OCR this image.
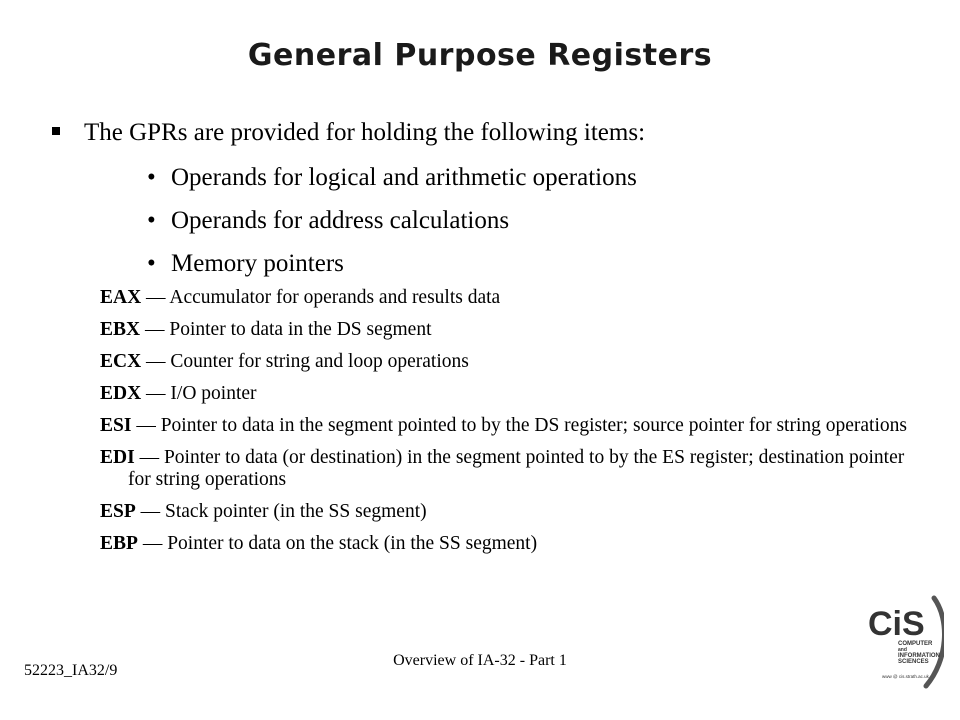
General Purpose Registers
The GPRs are provided for holding the following items:
• Operands for logical and arithmetic operations
• Operands for address calculations
• Memory pointers
EAX — Accumulator for operands and results data
EBX — Pointer to data in the DS segment
ECX — Counter for string and loop operations
EDX — I/O pointer
ESI — Pointer to data in the segment pointed to by the DS register; source pointer for string operations
EDI — Pointer to data (or destination) in the segment pointed to by the ES register; destination pointer for string operations
ESP — Stack pointer (in the SS segment)
EBP — Pointer to data on the stack (in the SS segment)
52223_IA32/9
Overview of IA-32 - Part 1
CiS
COMPUTER
and
INFORMATION
SCIENCES
www @ cis.strath.ac.uk
